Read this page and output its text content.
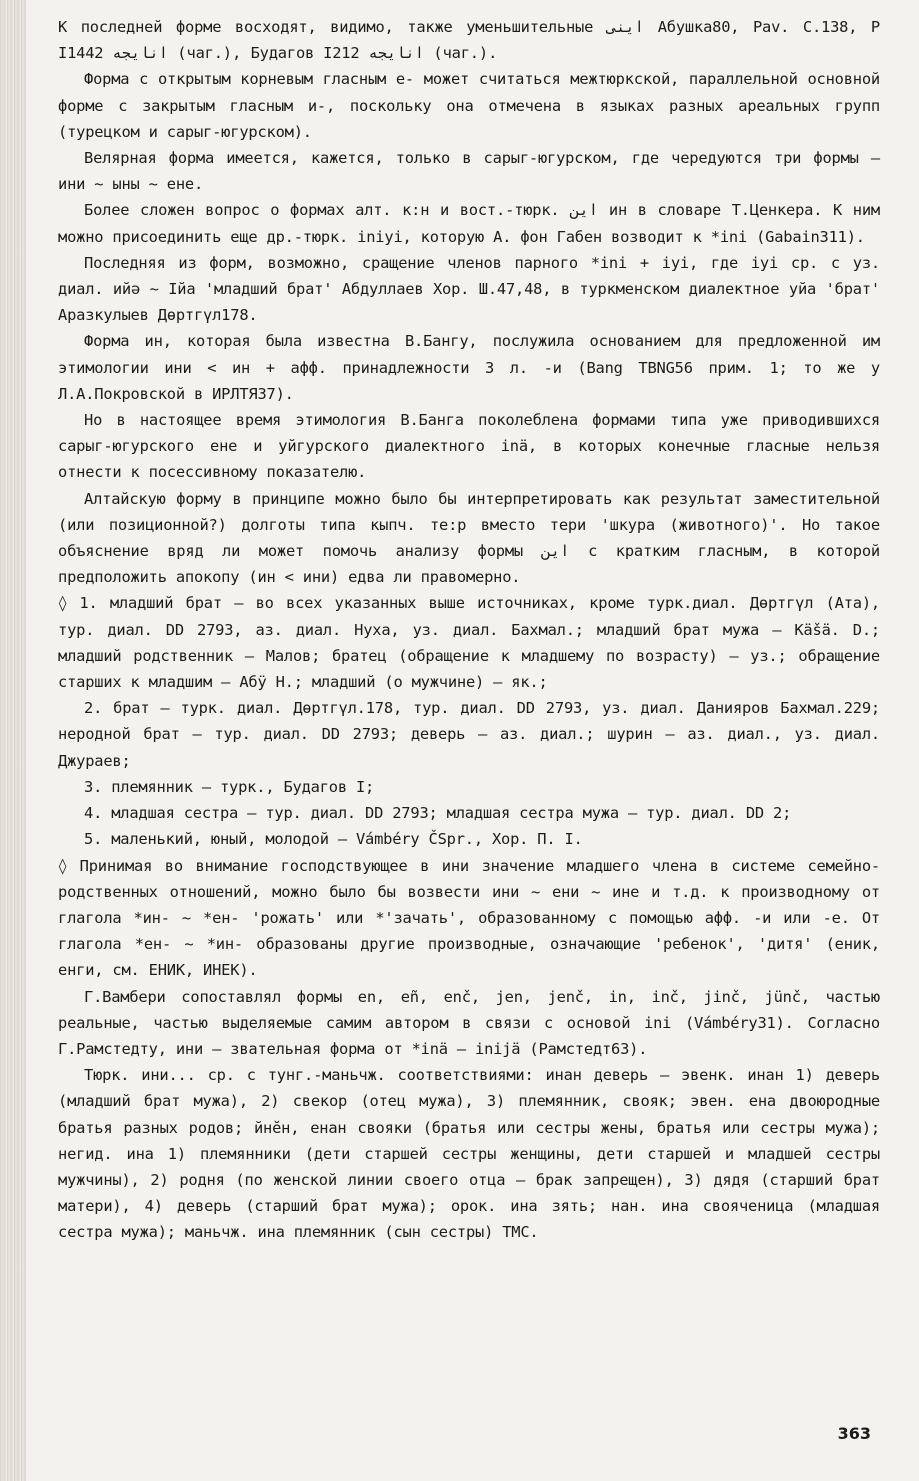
К последней форме восходят, видимо, также уменьшительные اينى Абушка80, Pav. C.138, P I1442 انايجه (чаг.), Будагов I212 انايجه (чаг.).

Форма с открытым корневым гласным е- может считаться межтюркской, параллельной основной форме с закрытым гласным и-, поскольку она отмечена в языках разных ареальных групп (турецком и сарыг-югурском).

Велярная форма имеется, кажется, только в сарыг-югурском, где чередуются три формы – ини ~ ыны ~ ене.

Более сложен вопрос о формах алт. к:н и вост.-тюрк. اين ин в словаре Т.Ценкера. К ним можно присоединить еще др.-тюрк. iniyi, которую А. фон Габен возводит к *ini (Gabain311).

Последняя из форм, возможно, сращение членов парного *ini + iyi, где iyi ср. с уз. диал. ийә ~ Ійа 'младший брат' Абдуллаев Хор. Ш.47,48, в туркменском диалектное уйа 'брат' Аразкулыев Дөртгүл178.

Форма ин, которая была известна В.Бангу, послужила основанием для предложенной им этимологии ини < ин + афф. принадлежности 3 л. -и (Bang TBNG56 прим. 1; то же у Л.А.Покровской в ИРЛТЯ37).

Но в настоящее время этимология В.Банга поколеблена формами типа уже приводившихся сарыг-югурского ене и уйгурского диалектного inä, в которых конечные гласные нельзя отнести к посессивному показателю.

Алтайскую форму в принципе можно было бы интерпретировать как результат заместительной (или позиционной?) долготы типа кыпч. те:р вместо тери 'шкура (животного)'. Но такое объяснение вряд ли может помочь анализу формы اين с кратким гласным, в которой предположить апокопу (ин < ини) едва ли правомерно.

◊ 1. младший брат – во всех указанных выше источниках, кроме турк.диал. Дөртгүл (Ата), тур. диал. DD 2793, аз. диал. Нуха, уз. диал. Бахмал.; младший брат мужа – Käšä. D.; младший родственник – Малов; братец (обращение к младшему по возрасту) – уз.; обращение старших к младшим – Абӱ Н.; младший (о мужчине) – як.;

2. брат – турк. диал. Дөртгүл.178, тур. диал. DD 2793, уз. диал. Данияров Бахмал.229; неродной брат – тур. диал. DD 2793; деверь – аз. диал.; шурин – аз. диал., уз. диал. Джураев;

3. племянник – турк., Будагов I;

4. младшая сестра – тур. диал. DD 2793; младшая сестра мужа – тур. диал. DD 2;

5. маленький, юный, молодой – Vámbéry ČSpr., Хор. П. I.

◊ Принимая во внимание господствующее в ини значение младшего члена в системе семейно-родственных отношений, можно было бы возвести ини ~ ени ~ ине и т.д. к производному от глагола *ин- ~ *ен- 'рожать' или *'зачать', образованному с помощью афф. -и или -е. От глагола *ен- ~ *ин- образованы другие производные, означающие 'ребенок', 'дитя' (еник, енги, см. ЕНИК, ИНЕК).

Г.Вамбери сопоставлял формы en, eñ, enč, jen, jenč, in, inč, jinč, jünč, частью реальные, частью выделяемые самим автором в связи с основой ini (Vámbéry31). Согласно Г.Рамстедту, ини – звательная форма от *inä – inijä (Рамстедт63).

Тюрк. ини... ср. с тунг.-маньчж. соответствиями: инан деверь – эвенк. инан 1) деверь (младший брат мужа), 2) свекор (отец мужа), 3) племянник, свояк; эвен. ена двоюродные братья разных родов; йнӗн, енан свояки (братья или сестры жены, братья или сестры мужа); негид. ина 1) племянники (дети старшей сестры женщины, дети старшей и младшей сестры мужчины), 2) родня (по женской линии своего отца – брак запрещен), 3) дядя (старший брат матери), 4) деверь (старший брат мужа); орок. ина зять; нан. ина свояченица (младшая сестра мужа); маньчж. ина племянник (сын сестры) ТМС.

363
